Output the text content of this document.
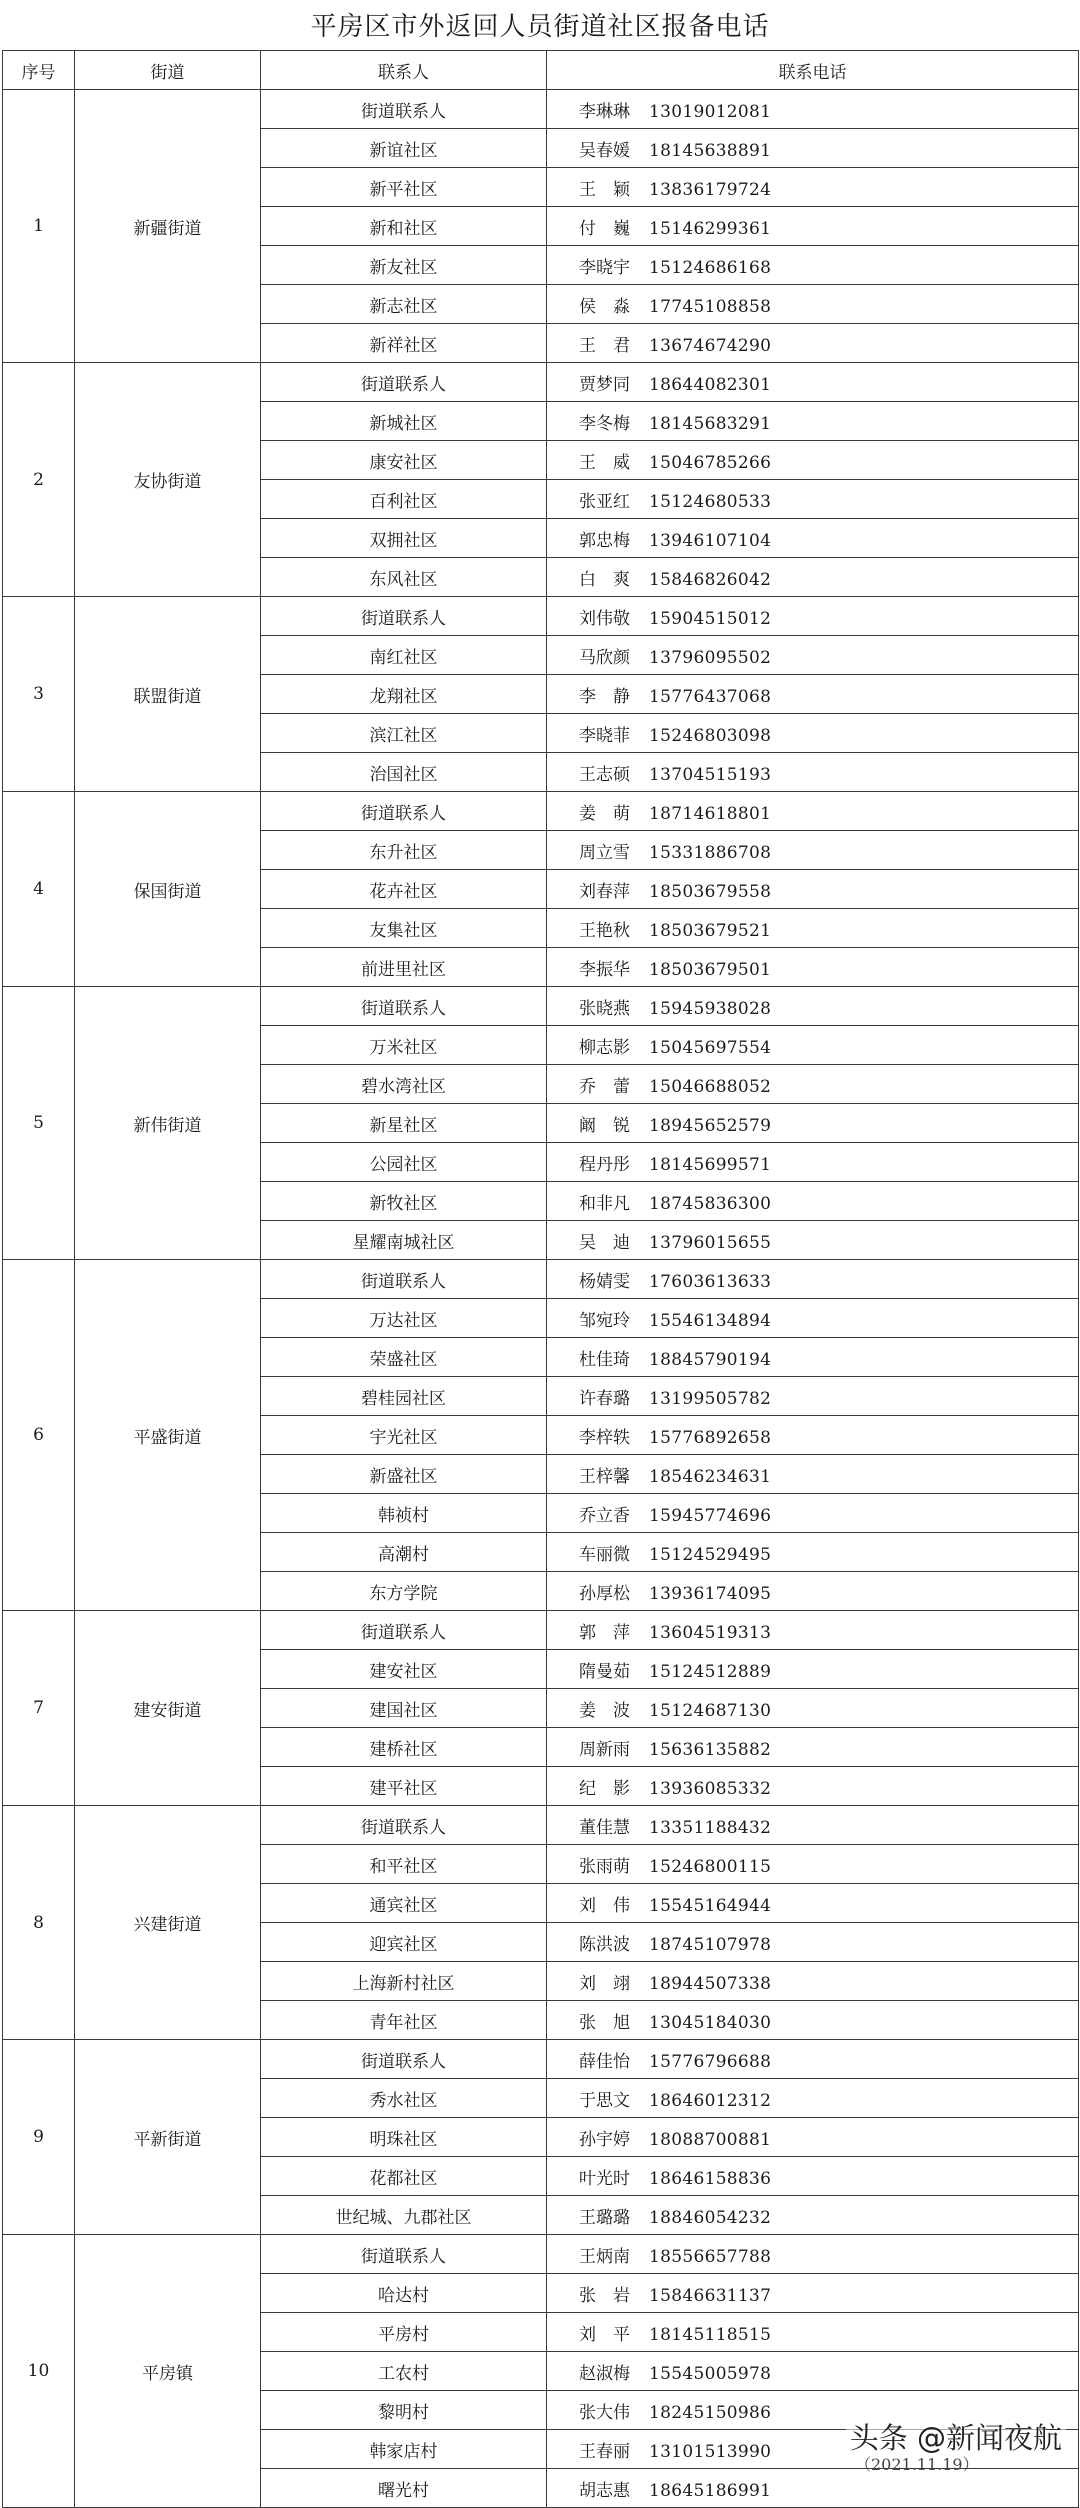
平房区市外返回人员街道社区报备电话
序号	街道	联系人	联系电话
1	新疆街道	街道联系人	李琳琳 13019012081
		新谊社区	吴春媛 18145638891
		新平社区	王　颖 13836179724
		新和社区	付　巍 15146299361
		新友社区	李晓宇 15124686168
		新志社区	侯　淼 17745108858
		新祥社区	王　君 13674674290
2	友协街道	街道联系人	贾梦同 18644082301
		新城社区	李冬梅 18145683291
		康安社区	王　威 15046785266
		百利社区	张亚红 15124680533
		双拥社区	郭忠梅 13946107104
		东风社区	白　爽 15846826042
3	联盟街道	街道联系人	刘伟敬 15904515012
		南红社区	马欣颜 13796095502
		龙翔社区	李　静 15776437068
		滨江社区	李晓菲 15246803098
		治国社区	王志硕 13704515193
4	保国街道	街道联系人	姜　萌 18714618801
		东升社区	周立雪 15331886708
		花卉社区	刘春萍 18503679558
		友集社区	王艳秋 18503679521
		前进里社区	李振华 18503679501
5	新伟街道	街道联系人	张晓燕 15945938028
		万米社区	柳志影 15045697554
		碧水湾社区	乔　蕾 15046688052
		新星社区	阚　锐 18945652579
		公园社区	程丹彤 18145699571
		新牧社区	和非凡 18745836300
		星耀南城社区	吴　迪 13796015655
6	平盛街道	街道联系人	杨婧雯 17603613633
		万达社区	邹宛玲 15546134894
		荣盛社区	杜佳琦 18845790194
		碧桂园社区	许春璐 13199505782
		宇光社区	李梓轶 15776892658
		新盛社区	王梓馨 18546234631
		韩祯村	乔立香 15945774696
		高潮村	车丽微 15124529495
		东方学院	孙厚松 13936174095
7	建安街道	街道联系人	郭　萍 13604519313
		建安社区	隋曼茹 15124512889
		建国社区	姜　波 15124687130
		建桥社区	周新雨 15636135882
		建平社区	纪　影 13936085332
8	兴建街道	街道联系人	董佳慧 13351188432
		和平社区	张雨萌 15246800115
		通宾社区	刘　伟 15545164944
		迎宾社区	陈洪波 18745107978
		上海新村社区	刘　翊 18944507338
		青年社区	张　旭 13045184030
9	平新街道	街道联系人	薛佳怡 15776796688
		秀水社区	于思文 18646012312
		明珠社区	孙宇婷 18088700881
		花都社区	叶光时 18646158836
		世纪城、九郡社区	王璐璐 18846054232
10	平房镇	街道联系人	王炳南 18556657788
		哈达村	张　岩 15846631137
		平房村	刘　平 18145118515
		工农村	赵淑梅 15545005978
		黎明村	张大伟 18245150986
		韩家店村	王春丽 13101513990
		曙光村	胡志惠 18645186991
头条 @新闻夜航
（2021.11.19）
